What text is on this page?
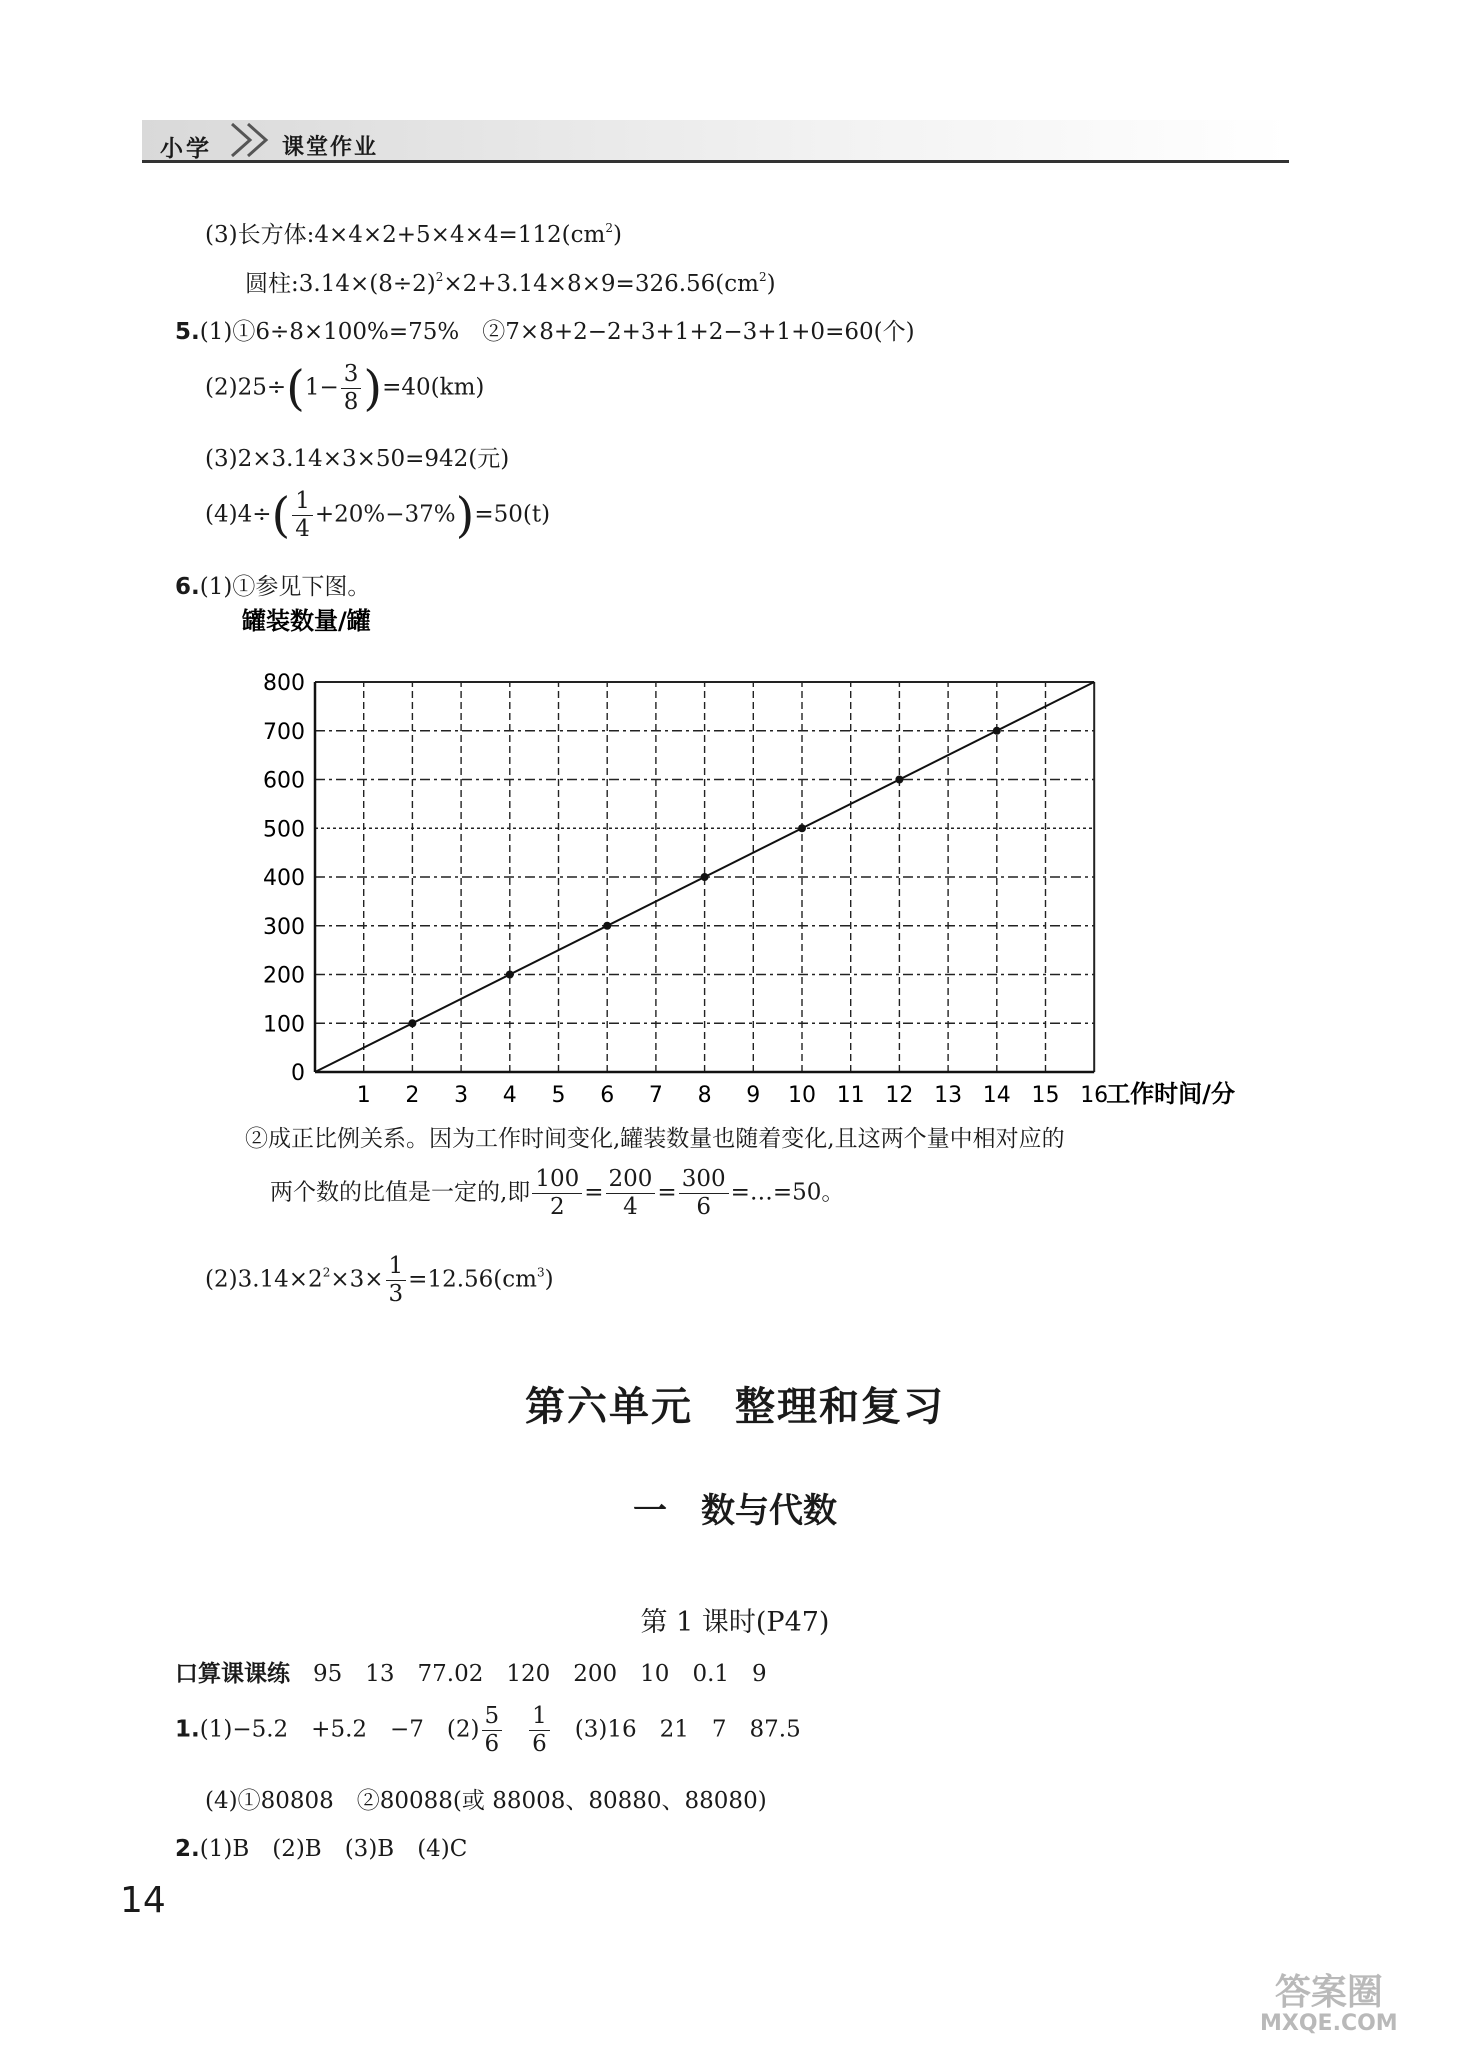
小学	课堂作业
(3)长方体$:4\times 4\times 2+5\times 4\times 4=112(cm^2)$
圆柱$:3.14\times(8\div 2)^2\times 2+3.14\times 8\times 9=326.56(cm^2)$
5.(1)①6÷8×100%=75%　②7×8+2−2+3+1+2−3+1+0=60(个)
$(2)25\div(1- \frac{3}{8} )=40(km)$
(3)2×3.14×3×50=942(元)
$(4)4\div( \frac{1}{4} +20\%-37\%)=50(t)$
6.(1)①参见下图。
罐装数量/罐
1 2 3 4 5 6 7 8 9 10 11 12 13 14 15 16
0
100
200
300
400
500
600
700
800
工作时间/分
②成正比例关系。因为工作时间变化,罐装数量也随着变化,且这两个量中相对应的
两个数的比值是一定的,即 $\frac{100}{2} = \frac{200}{4} = \frac{300}{6}$ =…=50。
$(2)3.14\times 2^2\times 3\times \frac{1}{3} =12.56(cm^3)$
第六单元　整理和复习
一　数与代数
第 1 课时(P47)
口算课课练　 95　13　77.02　120　200　10　0.1　9
1.(1)−5.2　+5.2　−7　$(2) \frac{5}{6}$
　 $\frac{1}{6}$
　 (3)16　21　7　87.5
(4)①80808　②80088(或 88008、80880、88080)
2.(1)B　(2)B　(3)B　(4)C
14
答案圈
MXQE.COM
